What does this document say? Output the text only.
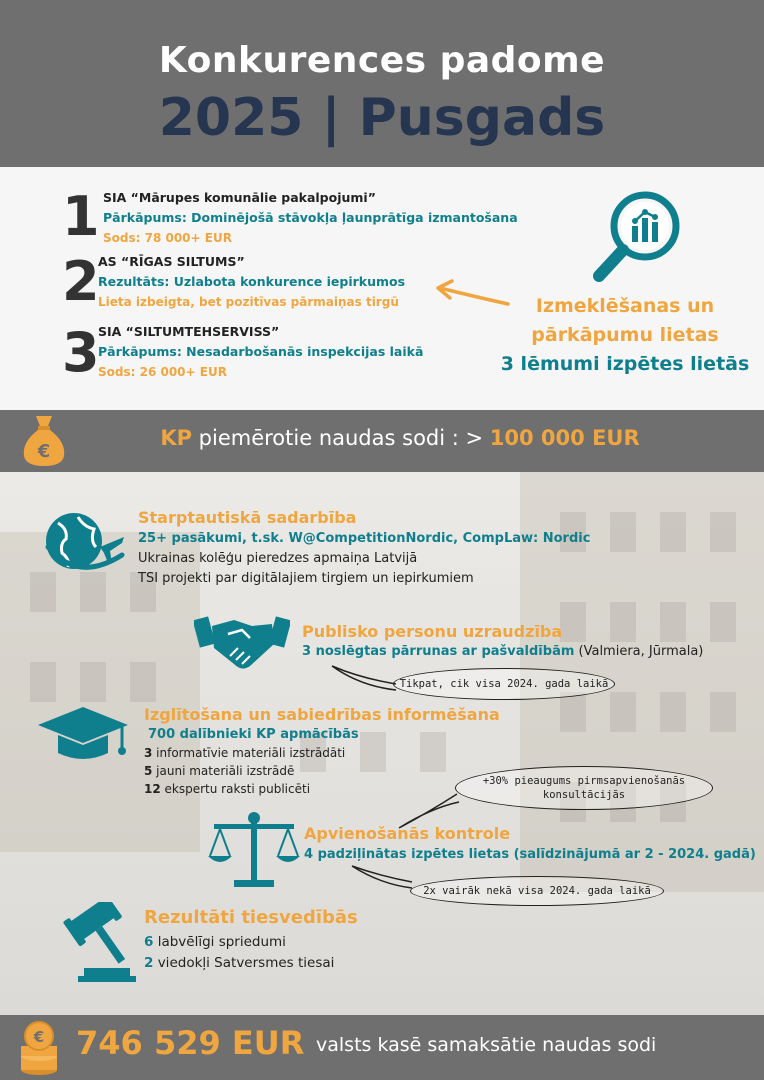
Konkurences padome
2025 | Pusgads
1 SIA “Mārupes komunālie pakalpojumi”
Pārkāpums: Dominējošā stāvokļa ļaunprātīga izmantošana
Sods: 78 000+ EUR
2
AS “RĪGAS SILTUMS”
Rezultāts: Uzlabota konkurence iepirkumos
Lieta izbeigta, bet pozitīvas pārmaiņas tirgū
3
SIA “SILTUMTEHSERVISS”
Pārkāpums: Nesadarbošanās inspekcijas laikā
Sods: 26 000+ EUR
Izmeklēšanas un
pārkāpumu lietas
3 lēmumi izpētes lietās
€
KP piemērotie naudas sodi : > 100 000 EUR
Starptautiskā sadarbība
25+ pasākumi, t.sk. W@CompetitionNordic, CompLaw: Nordic
Ukrainas kolēģu pieredzes apmaiņa Latvijā
TSI projekti par digitālajiem tirgiem un iepirkumiem
Publisko personu uzraudzība
3 noslēgtas pārrunas ar pašvaldībām (Valmiera, Jūrmala)
Tikpat, cik visa 2024. gada laikā
Izglītošana un sabiedrības informēšana
700 dalībnieki KP apmācībās
3 informatīvie materiāli izstrādāti
5 jauni materiāli izstrādē
12 ekspertu raksti publicēti
+30% pieaugums pirmsapvienošanās konsultācijās
Apvienošanās kontrole
4 padziļinātas izpētes lietas (salīdzinājumā ar 2 - 2024. gadā)
2x vairāk nekā visa 2024. gada laikā
Rezultāti tiesvedībās
6 labvēlīgi spriedumi
2 viedokļi Satversmes tiesai
€ 746 529 EUR valsts kasē samaksātie naudas sodi
